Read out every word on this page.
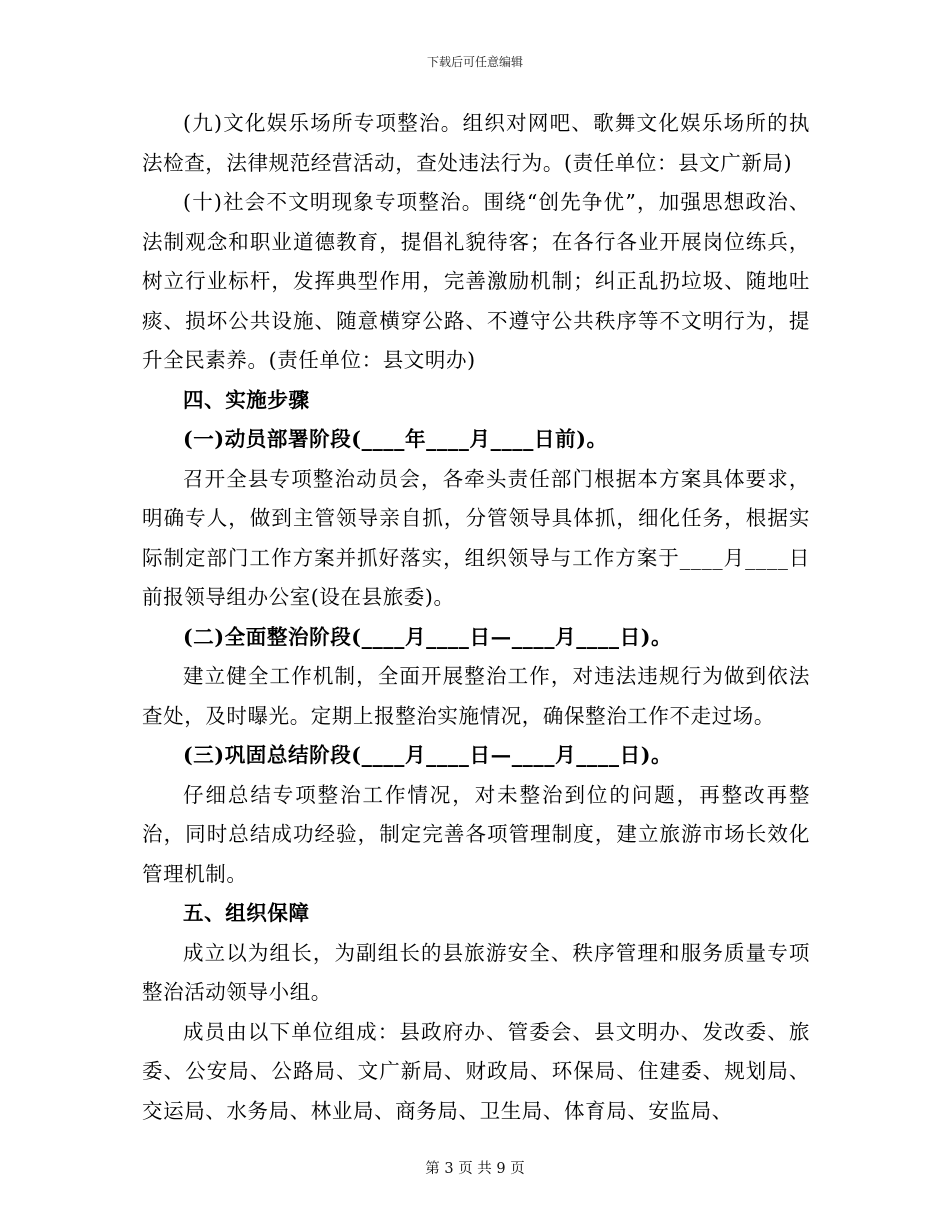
下载后可任意编辑

(九)文化娱乐场所专项整治。组织对网吧、歌舞文化娱乐场所的执法检查，法律规范经营活动，查处违法行为。(责任单位：县文广新局)

(十)社会不文明现象专项整治。围绕“创先争优”，加强思想政治、法制观念和职业道德教育，提倡礼貌待客；在各行各业开展岗位练兵，树立行业标杆，发挥典型作用，完善激励机制；纠正乱扔垃圾、随地吐痰、损坏公共设施、随意横穿公路、不遵守公共秩序等不文明行为，提升全民素养。(责任单位：县文明办)

四、实施步骤

(一)动员部署阶段(____年____月____日前)。

召开全县专项整治动员会，各牵头责任部门根据本方案具体要求，明确专人，做到主管领导亲自抓，分管领导具体抓，细化任务，根据实际制定部门工作方案并抓好落实，组织领导与工作方案于____月____日前报领导组办公室(设在县旅委)。

(二)全面整治阶段(____月____日—____月____日)。

建立健全工作机制，全面开展整治工作，对违法违规行为做到依法查处，及时曝光。定期上报整治实施情况，确保整治工作不走过场。

(三)巩固总结阶段(____月____日—____月____日)。

仔细总结专项整治工作情况，对未整治到位的问题，再整改再整治，同时总结成功经验，制定完善各项管理制度，建立旅游市场长效化管理机制。

五、组织保障

成立以为组长，为副组长的县旅游安全、秩序管理和服务质量专项整治活动领导小组。

成员由以下单位组成：县政府办、管委会、县文明办、发改委、旅委、公安局、公路局、文广新局、财政局、环保局、住建委、规划局、交运局、水务局、林业局、商务局、卫生局、体育局、安监局、

第 3 页 共 9 页
